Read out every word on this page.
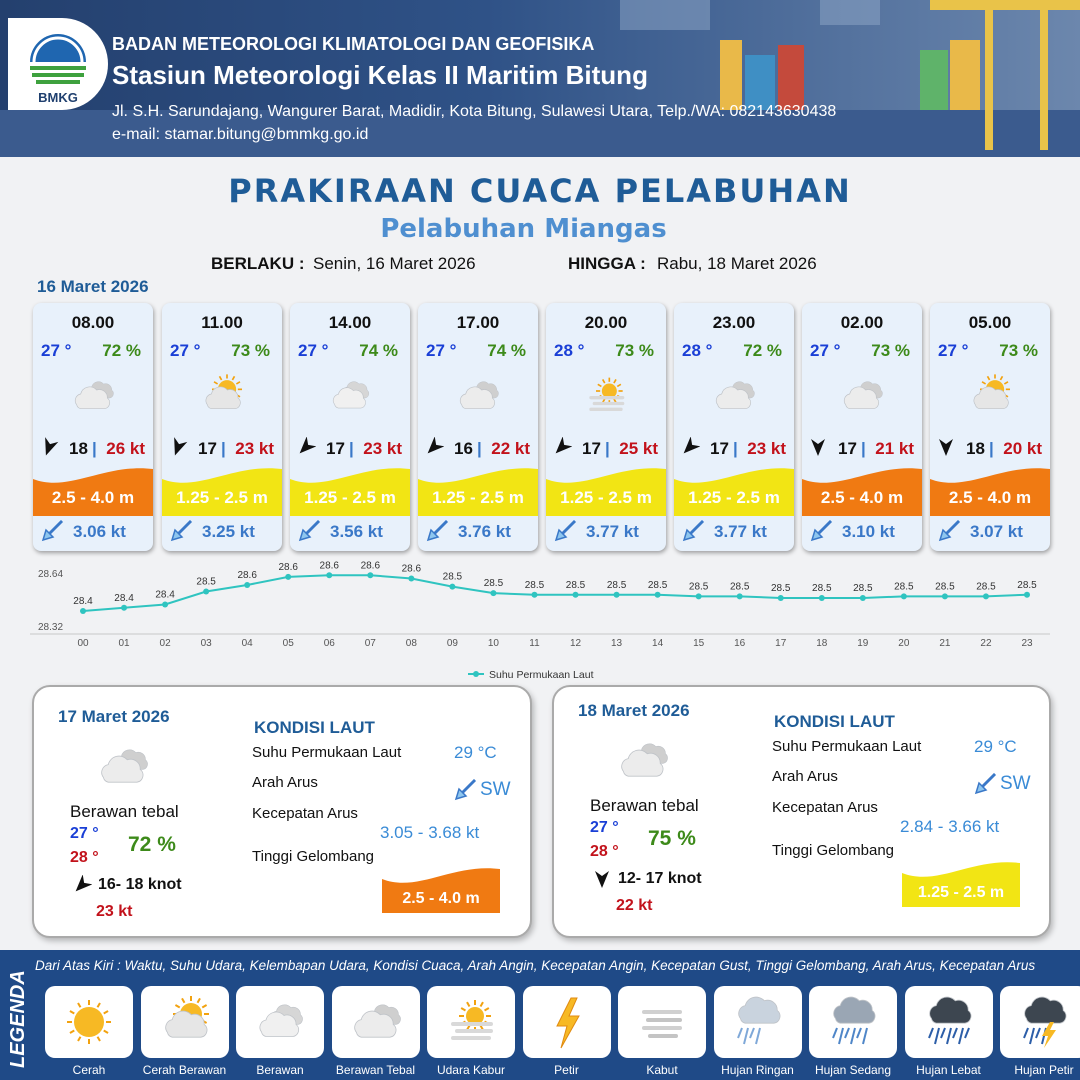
BMKG
BADAN METEOROLOGI KLIMATOLOGI DAN GEOFISIKA
Stasiun Meteorologi Kelas II Maritim Bitung
Jl. S.H. Sarundajang, Wangurer Barat, Madidir, Kota Bitung, Sulawesi Utara, Telp./WA: 082143630438
e-mail: stamar.bitung@bmmkg.go.id
PRAKIRAAN CUACA PELABUHAN
Pelabuhan Miangas
BERLAKU : Senin, 16 Maret 2026	HINGGA : Rabu, 18 Maret 2026
16 Maret 2026
08.00
27 ° 72 %
18 | 26 kt
2.5 - 4.0 m
3.06 kt
11.00
27 ° 73 %
17 | 23 kt
1.25 - 2.5 m
3.25 kt
14.00
27 ° 74 %
17 | 23 kt
1.25 - 2.5 m
3.56 kt
17.00
27 ° 74 %
16 | 22 kt
1.25 - 2.5 m
3.76 kt
20.00
28 ° 73 %
17 | 25 kt
1.25 - 2.5 m
3.77 kt
23.00
28 ° 72 %
17 | 23 kt
1.25 - 2.5 m
3.77 kt
02.00
27 ° 73 %
17 | 21 kt
2.5 - 4.0 m
3.10 kt
05.00
27 ° 73 %
18 | 20 kt
2.5 - 4.0 m
3.07 kt
28.64
28.32
28.4
00
28.4
01
28.4
02
28.5
03
28.6
04
28.6
05
28.6
06
28.6
07
28.6
08
28.5
09
28.5
10
28.5
11
28.5
12
28.5
13
28.5
14
28.5
15
28.5
16
28.5
17
28.5
18
28.5
19
28.5
20
28.5
21
28.5
22
28.5
23
Suhu Permukaan Laut
17 Maret 2026
Berawan tebal
27 °
28 °
72 %
16- 18 knot
23 kt
KONDISI LAUT
Suhu Permukaan Laut	29 °C
Arah Arus	SW
Kecepatan Arus
3.05 - 3.68 kt
Tinggi Gelombang
2.5 - 4.0 m
18 Maret 2026
Berawan tebal
27 °
28 °
75 %
12- 17 knot
22 kt
KONDISI LAUT
Suhu Permukaan Laut	29 °C
Arah Arus	SW
Kecepatan Arus
2.84 - 3.66 kt
Tinggi Gelombang
1.25 - 2.5 m
LEGENDA
Dari Atas Kiri : Waktu, Suhu Udara, Kelembapan Udara, Kondisi Cuaca, Arah Angin, Kecepatan Angin, Kecepatan Gust, Tinggi Gelombang, Arah Arus, Kecepatan Arus
Cerah	Cerah Berawan	Berawan	Berawan Tebal	Udara Kabur	Petir	Kabut	Hujan Ringan	Hujan Sedang	Hujan Lebat	Hujan Petir
